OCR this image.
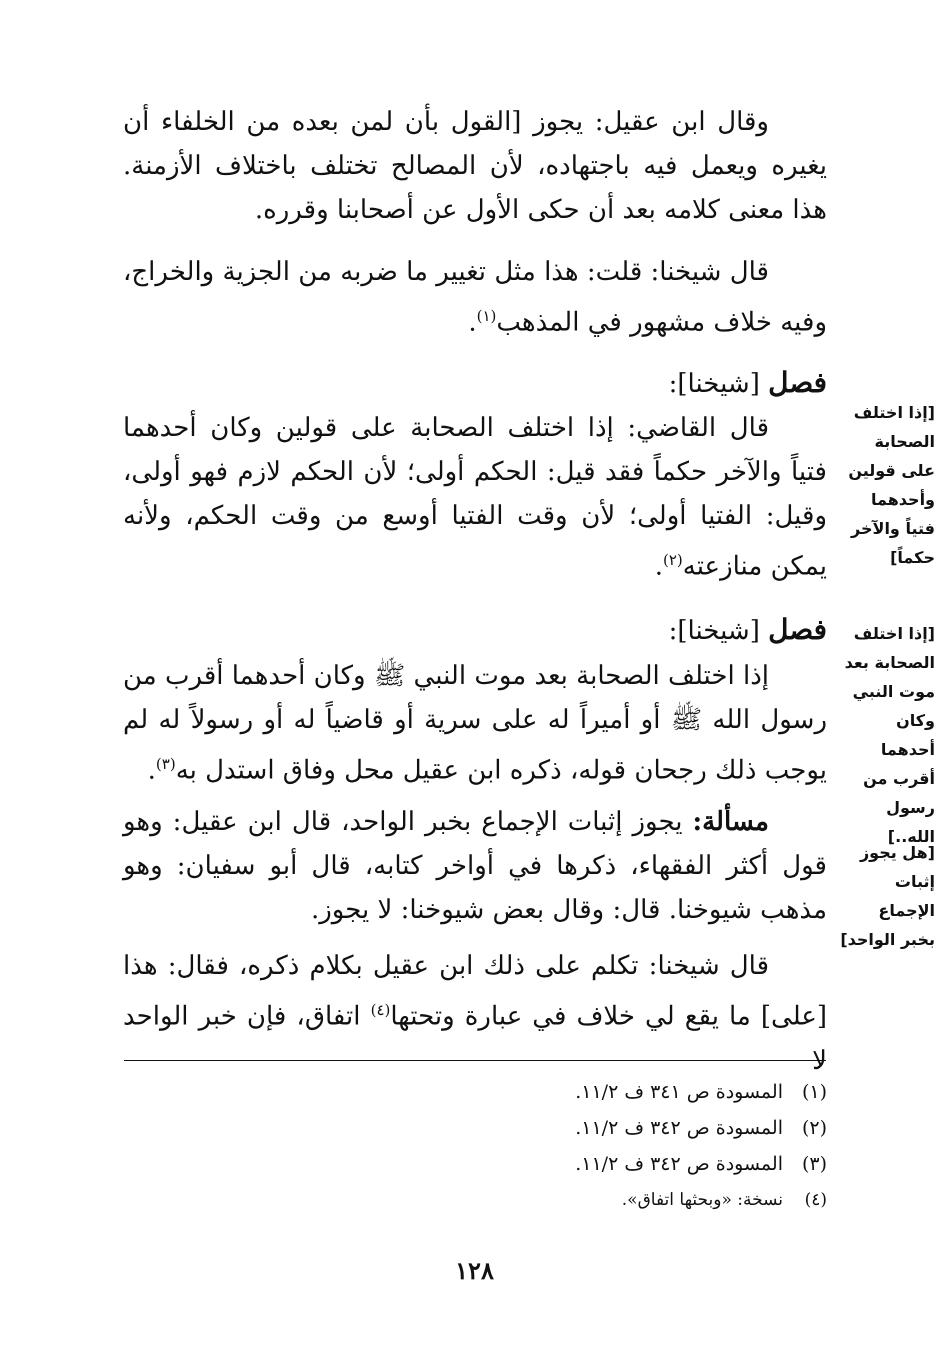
وقال ابن عقيل: يجوز [القول بأن لمن بعده من الخلفاء أن يغيره ويعمل فيه باجتهاده، لأن المصالح تختلف باختلاف الأزمنة. هذا معنى كلامه بعد أن حكى الأول عن أصحابنا وقرره.

قال شيخنا: قلت: هذا مثل تغيير ما ضربه من الجزية والخراج، وفيه خلاف مشهور في المذهب$^{(١)}$.

فصل [شيخنا]:

قال القاضي: إذا اختلف الصحابة على قولين وكان أحدهما فتياً والآخر حكماً فقد قيل: الحكم أولى؛ لأن الحكم لازم فهو أولى، وقيل: الفتيا أولى؛ لأن وقت الفتيا أوسع من وقت الحكم، ولأنه يمكن منازعته$^{(٢)}$.

فصل [شيخنا]:

إذا اختلف الصحابة بعد موت النبي ﷺ وكان أحدهما أقرب من رسول الله ﷺ أو أميراً له على سرية أو قاضياً له أو رسولاً له لم يوجب ذلك رجحان قوله، ذكره ابن عقيل محل وفاق استدل به$^{(٣)}$.

مسألة: يجوز إثبات الإجماع بخبر الواحد، قال ابن عقيل: وهو قول أكثر الفقهاء، ذكرها في أواخر كتابه، قال أبو سفيان: وهو مذهب شيوخنا. قال: وقال بعض شيوخنا: لا يجوز.

قال شيخنا: تكلم على ذلك ابن عقيل بكلام ذكره، فقال: هذا [على] ما يقع لي خلاف في عبارة وتحتها$^{(٤)}$ اتفاق، فإن خبر الواحد لا

[إذا اختلف الصحابة على قولين وأحدهما فتياً والآخر حكماً]
[إذا اختلف الصحابة بعد موت النبي وكان أحدهما أقرب من رسول الله..]
[هل يجوز إثبات الإجماع بخبر الواحد]
(١)المسودة ص ٣٤١ ف ١١/٢.
(٢)المسودة ص ٣٤٢ ف ١١/٢.
(٣)المسودة ص ٣٤٢ ف ١١/٢.
(٤)نسخة: «وبحثها اتفاق».
١٢٨
